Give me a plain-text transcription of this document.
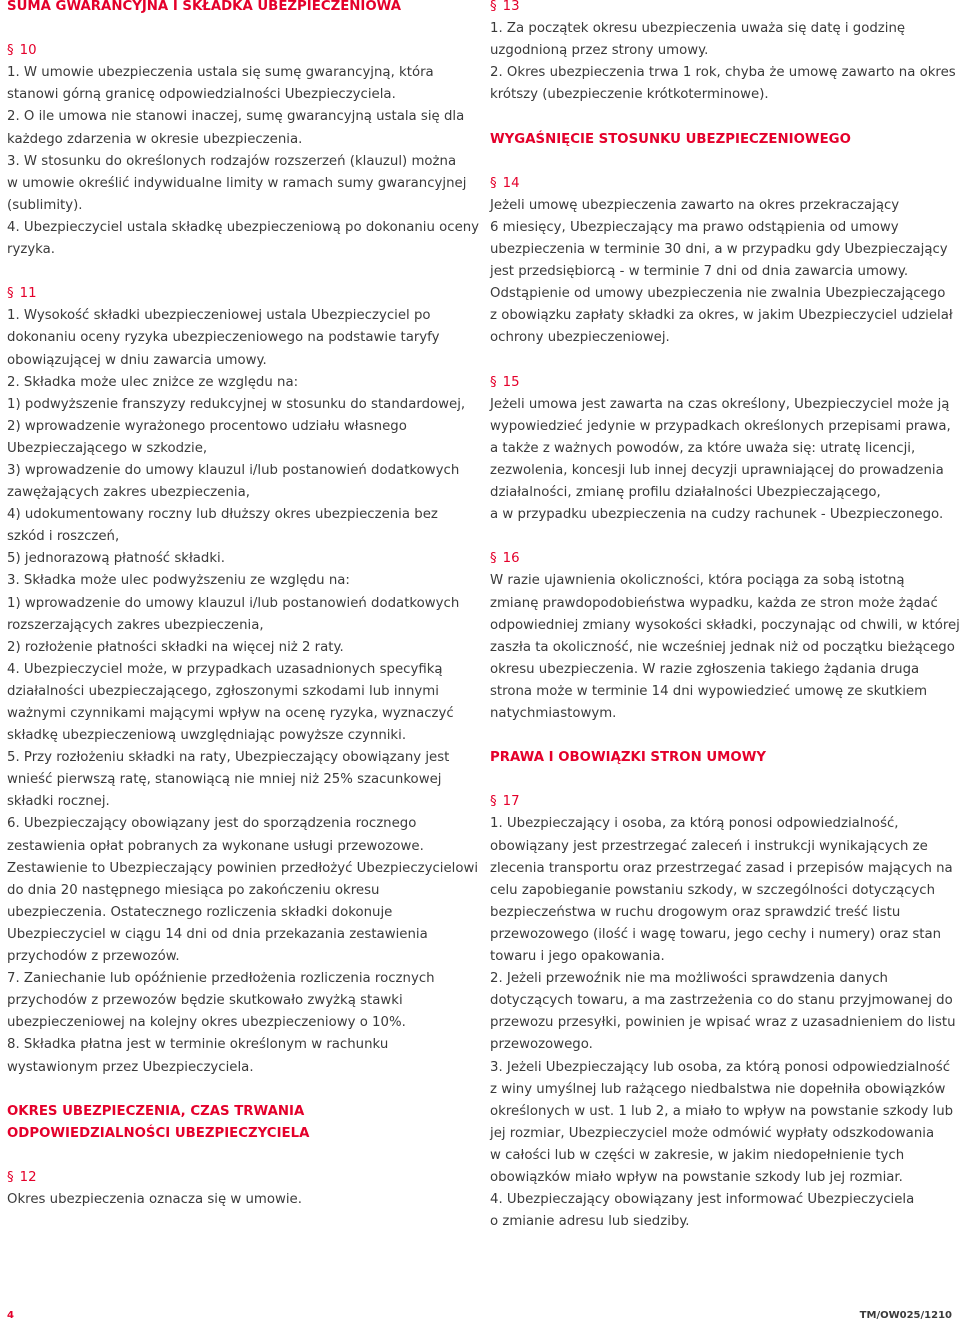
SUMA GWARANCYJNA I SKŁADKA UBEZPIECZENIOWA
§ 10
1. W umowie ubezpieczenia ustala się sumę gwarancyjną, która
stanowi górną granicę odpowiedzialności Ubezpieczyciela.
2. O ile umowa nie stanowi inaczej, sumę gwarancyjną ustala się dla
każdego zdarzenia w okresie ubezpieczenia.
3. W stosunku do określonych rodzajów rozszerzeń (klauzul) można
w umowie określić indywidualne limity w ramach sumy gwarancyjnej
(sublimity).
4. Ubezpieczyciel ustala składkę ubezpieczeniową po dokonaniu oceny
ryzyka.
§ 11
1. Wysokość składki ubezpieczeniowej ustala Ubezpieczyciel po
dokonaniu oceny ryzyka ubezpieczeniowego na podstawie taryfy
obowiązującej w dniu zawarcia umowy.
2. Składka może ulec zniżce ze względu na:
1) podwyższenie franszyzy redukcyjnej w stosunku do standardowej,
2) wprowadzenie wyrażonego procentowo udziału własnego
Ubezpieczającego w szkodzie,
3) wprowadzenie do umowy klauzul i/lub postanowień dodatkowych
zawężających zakres ubezpieczenia,
4) udokumentowany roczny lub dłuższy okres ubezpieczenia bez
szkód i roszczeń,
5) jednorazową płatność składki.
3. Składka może ulec podwyższeniu ze względu na:
1) wprowadzenie do umowy klauzul i/lub postanowień dodatkowych
rozszerzających zakres ubezpieczenia,
2) rozłożenie płatności składki na więcej niż 2 raty.
4. Ubezpieczyciel może, w przypadkach uzasadnionych specyfiką
działalności ubezpieczającego, zgłoszonymi szkodami lub innymi
ważnymi czynnikami mającymi wpływ na ocenę ryzyka, wyznaczyć
składkę ubezpieczeniową uwzględniając powyższe czynniki.
5. Przy rozłożeniu składki na raty, Ubezpieczający obowiązany jest
wnieść pierwszą ratę, stanowiącą nie mniej niż 25% szacunkowej
składki rocznej.
6. Ubezpieczający obowiązany jest do sporządzenia rocznego
zestawienia opłat pobranych za wykonane usługi przewozowe.
Zestawienie to Ubezpieczający powinien przedłożyć Ubezpieczycielowi
do dnia 20 następnego miesiąca po zakończeniu okresu
ubezpieczenia. Ostatecznego rozliczenia składki dokonuje
Ubezpieczyciel w ciągu 14 dni od dnia przekazania zestawienia
przychodów z przewozów.
7. Zaniechanie lub opóźnienie przedłożenia rozliczenia rocznych
przychodów z przewozów będzie skutkowało zwyżką stawki
ubezpieczeniowej na kolejny okres ubezpieczeniowy o 10%.
8. Składka płatna jest w terminie określonym w rachunku
wystawionym przez Ubezpieczyciela.
OKRES UBEZPIECZENIA, CZAS TRWANIA
ODPOWIEDZIALNOŚCI UBEZPIECZYCIELA
§ 12
Okres ubezpieczenia oznacza się w umowie.
§ 13
1. Za początek okresu ubezpieczenia uważa się datę i godzinę
uzgodnioną przez strony umowy.
2. Okres ubezpieczenia trwa 1 rok, chyba że umowę zawarto na okres
krótszy (ubezpieczenie krótkoterminowe).
WYGAŚNIĘCIE STOSUNKU UBEZPIECZENIOWEGO
§ 14
Jeżeli umowę ubezpieczenia zawarto na okres przekraczający
6 miesięcy, Ubezpieczający ma prawo odstąpienia od umowy
ubezpieczenia w terminie 30 dni, a w przypadku gdy Ubezpieczający
jest przedsiębiorcą - w terminie 7 dni od dnia zawarcia umowy.
Odstąpienie od umowy ubezpieczenia nie zwalnia Ubezpieczającego
z obowiązku zapłaty składki za okres, w jakim Ubezpieczyciel udzielał
ochrony ubezpieczeniowej.
§ 15
Jeżeli umowa jest zawarta na czas określony, Ubezpieczyciel może ją
wypowiedzieć jedynie w przypadkach określonych przepisami prawa,
a także z ważnych powodów, za które uważa się: utratę licencji,
zezwolenia, koncesji lub innej decyzji uprawniającej do prowadzenia
działalności, zmianę profilu działalności Ubezpieczającego,
a w przypadku ubezpieczenia na cudzy rachunek - Ubezpieczonego.
§ 16
W razie ujawnienia okoliczności, która pociąga za sobą istotną
zmianę prawdopodobieństwa wypadku, każda ze stron może żądać
odpowiedniej zmiany wysokości składki, poczynając od chwili, w której
zaszła ta okoliczność, nie wcześniej jednak niż od początku bieżącego
okresu ubezpieczenia. W razie zgłoszenia takiego żądania druga
strona może w terminie 14 dni wypowiedzieć umowę ze skutkiem
natychmiastowym.
PRAWA I OBOWIĄZKI STRON UMOWY
§ 17
1. Ubezpieczający i osoba, za którą ponosi odpowiedzialność,
obowiązany jest przestrzegać zaleceń i instrukcji wynikających ze
zlecenia transportu oraz przestrzegać zasad i przepisów mających na
celu zapobieganie powstaniu szkody, w szczególności dotyczących
bezpieczeństwa w ruchu drogowym oraz sprawdzić treść listu
przewozowego (ilość i wagę towaru, jego cechy i numery) oraz stan
towaru i jego opakowania.
2. Jeżeli przewoźnik nie ma możliwości sprawdzenia danych
dotyczących towaru, a ma zastrzeżenia co do stanu przyjmowanej do
przewozu przesyłki, powinien je wpisać wraz z uzasadnieniem do listu
przewozowego.
3. Jeżeli Ubezpieczający lub osoba, za którą ponosi odpowiedzialność
z winy umyślnej lub rażącego niedbalstwa nie dopełniła obowiązków
określonych w ust. 1 lub 2, a miało to wpływ na powstanie szkody lub
jej rozmiar, Ubezpieczyciel może odmówić wypłaty odszkodowania
w całości lub w części w zakresie, w jakim niedopełnienie tych
obowiązków miało wpływ na powstanie szkody lub jej rozmiar.
4. Ubezpieczający obowiązany jest informować Ubezpieczyciela
o zmianie adresu lub siedziby.
4	TM/OW025/1210
